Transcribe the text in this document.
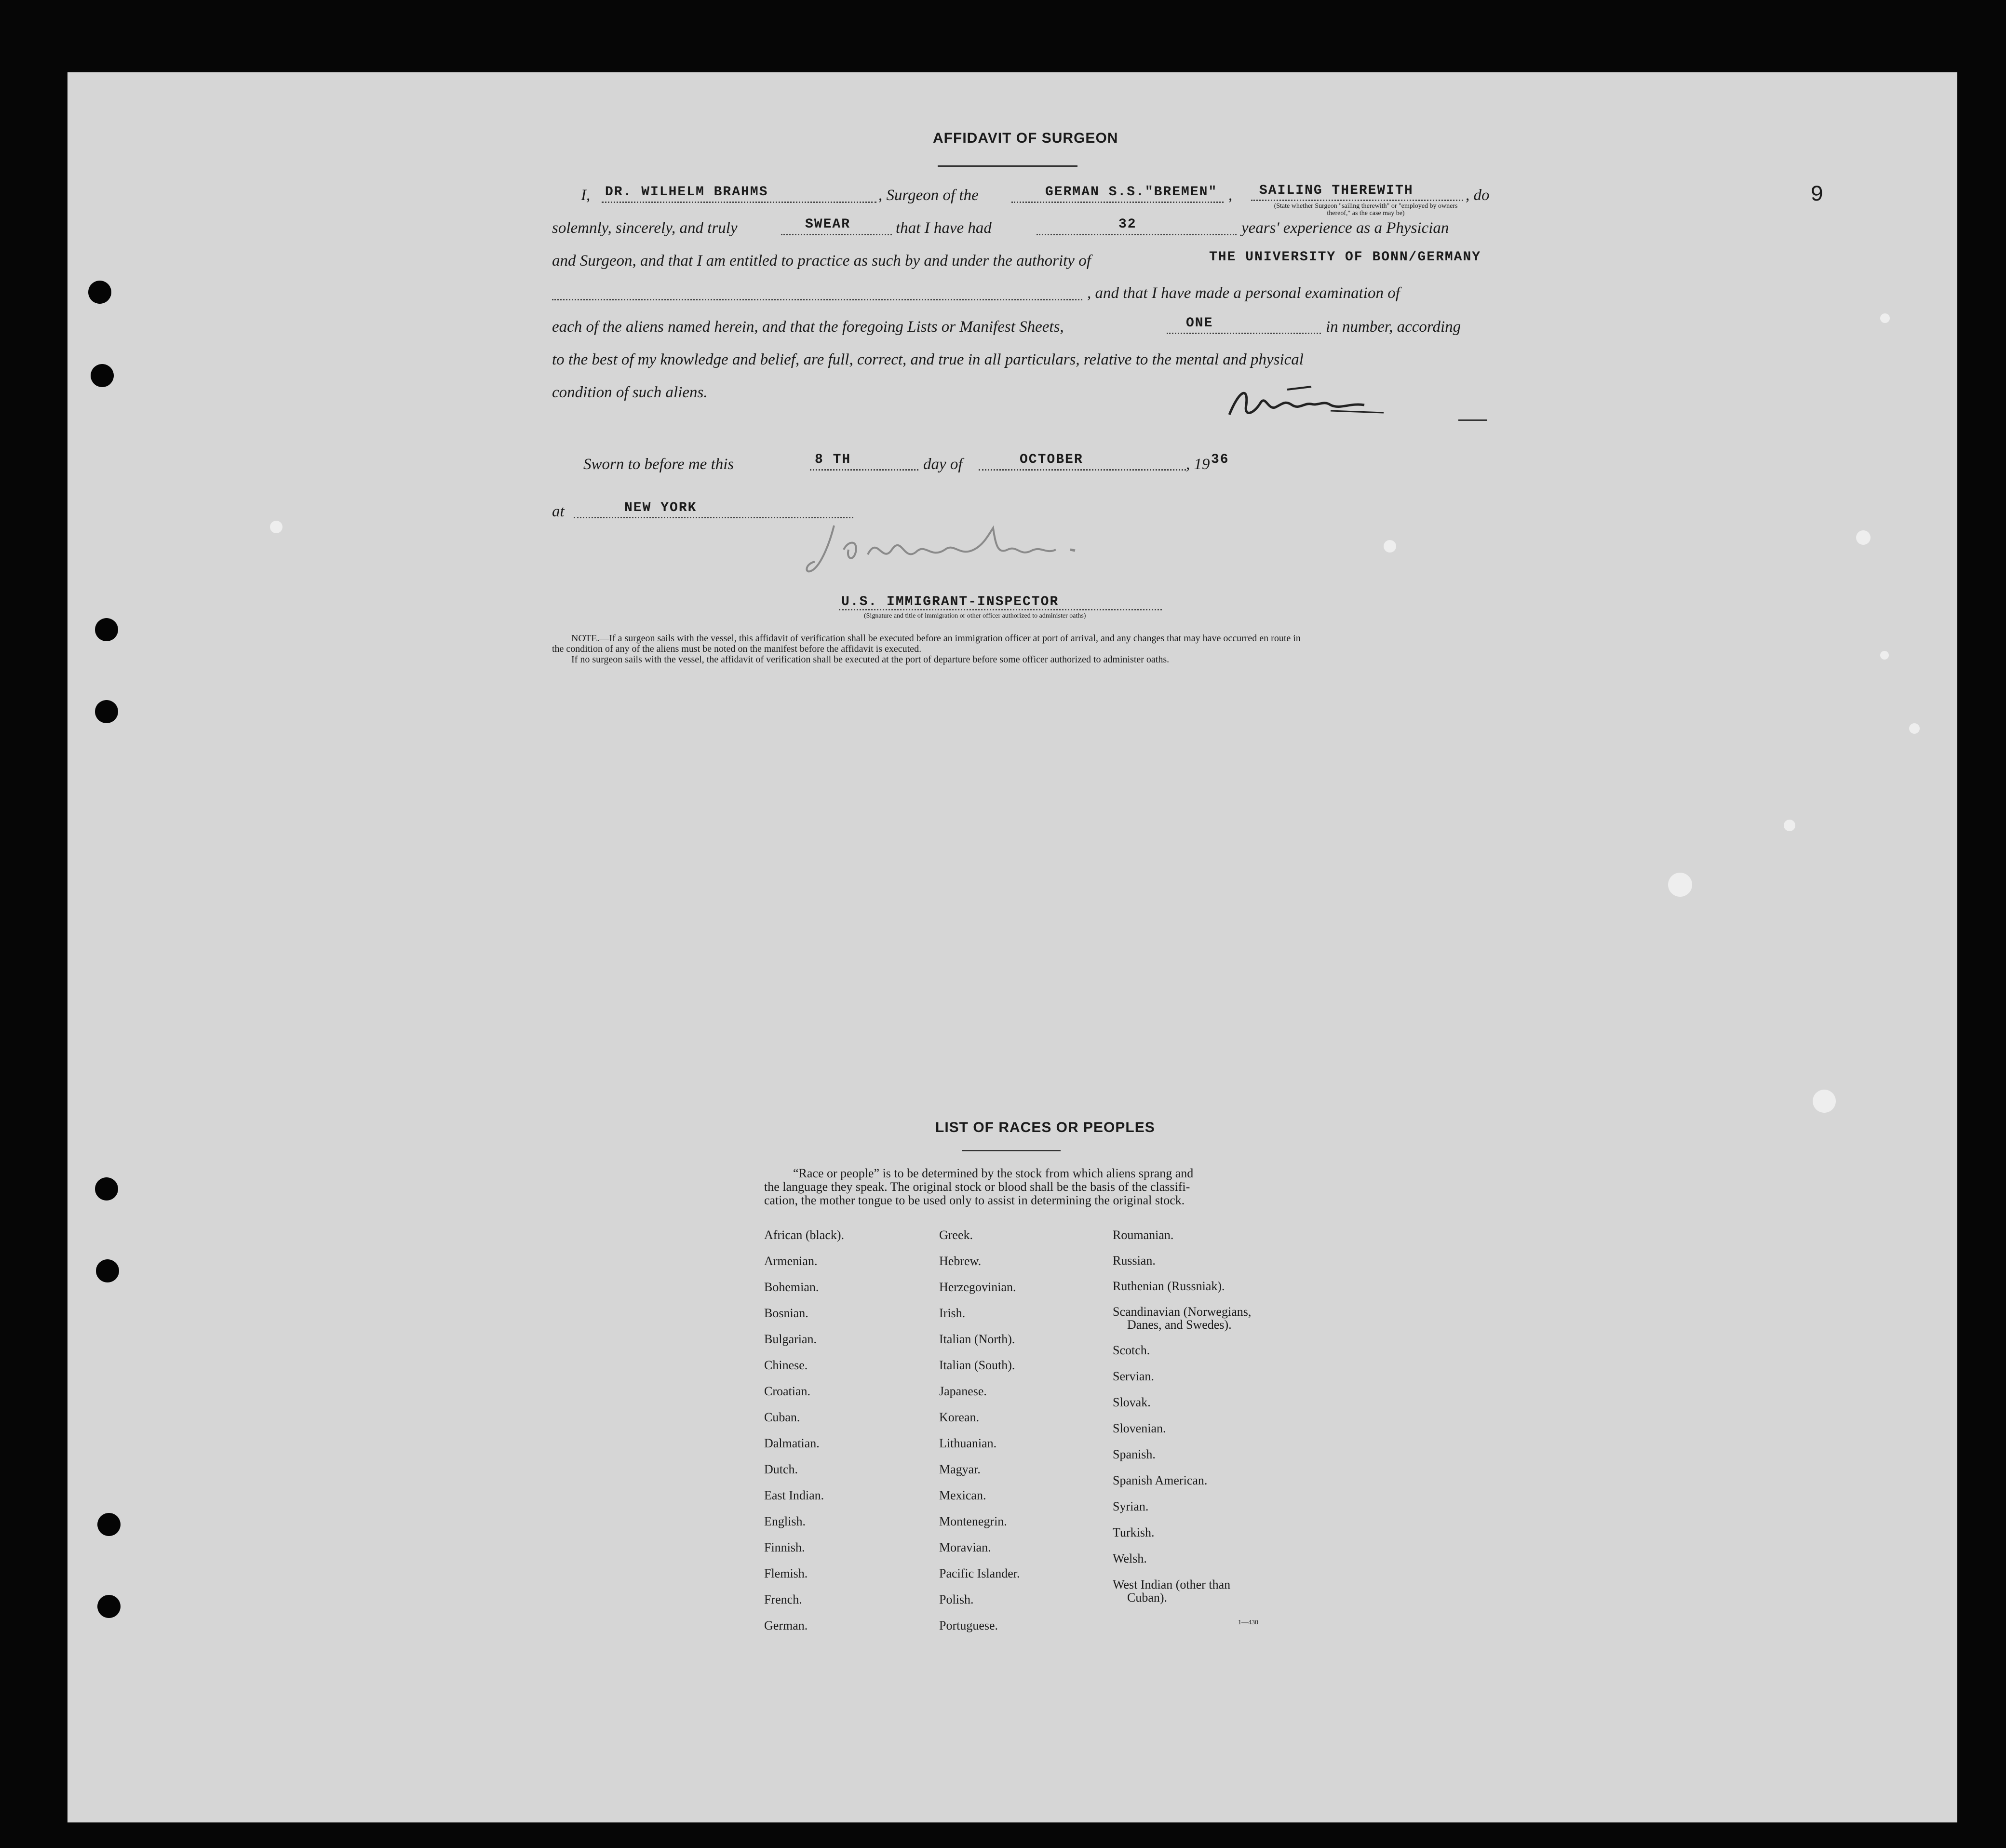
9
AFFIDAVIT OF SURGEON
I, DR. WILHELM BRAHMS	, Surgeon of the	GERMAN S.S."BREMEN" , SAILING THEREWITH	, do
(State whether Surgeon "sailing therewith" or "employed by owners thereof," as the case may be)
solemnly, sincerely, and truly	SWEAR	that I have had	32	years' experience as a Physician
and Surgeon, and that I am entitled to practice as such by and under the authority of	THE UNIVERSITY OF BONN/GERMANY
, and that I have made a personal examination of
each of the aliens named herein, and that the foregoing Lists or Manifest Sheets,	ONE	in number, according
to the best of my knowledge and belief, are full, correct, and true in all particulars, relative to the mental and physical
condition of such aliens.
Sworn to before me this	8 TH	day of	OCTOBER	, 19 36
at	NEW YORK
U.S. IMMIGRANT-INSPECTOR
(Signature and title of immigration or other officer authorized to administer oaths)
NOTE.—If a surgeon sails with the vessel, this affidavit of verification shall be executed before an immigration officer at port of arrival, and any changes that may have occurred en route in
the condition of any of the aliens must be noted on the manifest before the affidavit is executed.
If no surgeon sails with the vessel, the affidavit of verification shall be executed at the port of departure before some officer authorized to administer oaths.
LIST OF RACES OR PEOPLES
“Race or people” is to be determined by the stock from which aliens sprang and
the language they speak. The original stock or blood shall be the basis of the classifi-
cation, the mother tongue to be used only to assist in determining the original stock.
African (black).
Armenian.
Bohemian.
Bosnian.
Bulgarian.
Chinese.
Croatian.
Cuban.
Dalmatian.
Dutch.
East Indian.
English.
Finnish.
Flemish.
French.
German.
Greek.
Hebrew.
Herzegovinian.
Irish.
Italian (North).
Italian (South).
Japanese.
Korean.
Lithuanian.
Magyar.
Mexican.
Montenegrin.
Moravian.
Pacific Islander.
Polish.
Portuguese.
Roumanian.
Russian.
Ruthenian (Russniak).
Scandinavian (Norwegians,
Danes, and Swedes).
Scotch.
Servian.
Slovak.
Slovenian.
Spanish.
Spanish American.
Syrian.
Turkish.
Welsh.
West Indian (other than
Cuban).
1—430
